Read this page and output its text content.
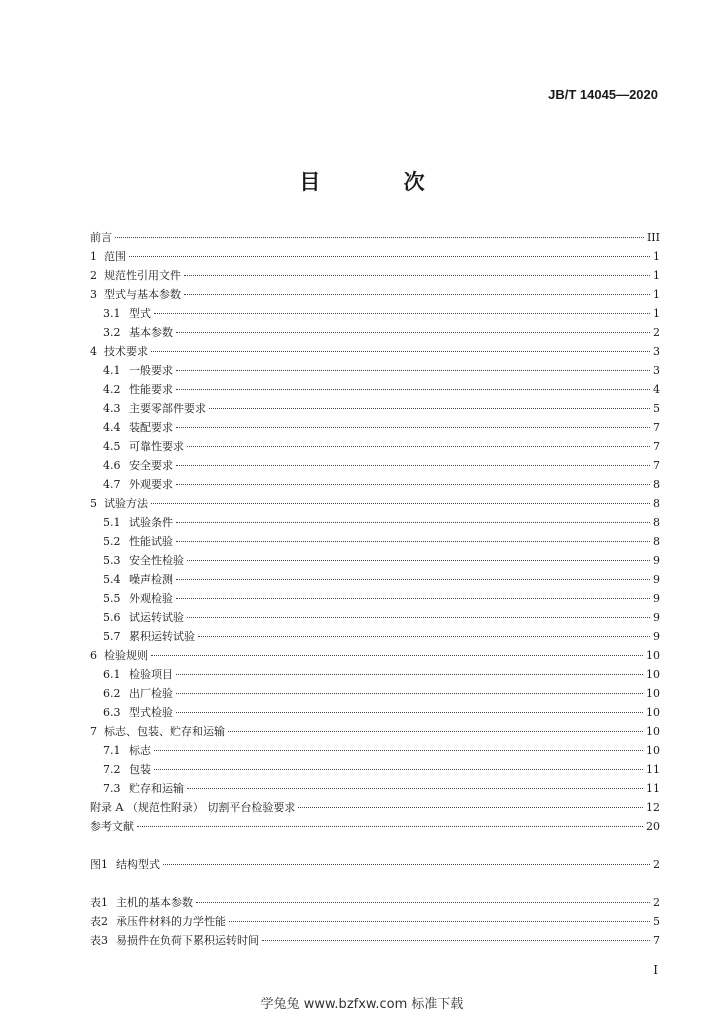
JB/T 14045—2020
目 次
前言	III
1 范围	1
2 规范性引用文件	1
3 型式与基本参数	1
3.1 型式	1
3.2 基本参数	2
4 技术要求	3
4.1 一般要求	3
4.2 性能要求	4
4.3 主要零部件要求	5
4.4 装配要求	7
4.5 可靠性要求	7
4.6 安全要求	7
4.7 外观要求	8
5 试验方法	8
5.1 试验条件	8
5.2 性能试验	8
5.3 安全性检验	9
5.4 噪声检测	9
5.5 外观检验	9
5.6 试运转试验	9
5.7 累积运转试验	9
6 检验规则	10
6.1 检验项目	10
6.2 出厂检验	10
6.3 型式检验	10
7 标志、包装、贮存和运输	10
7.1 标志	10
7.2 包装	11
7.3 贮存和运输	11
附录 A （规范性附录） 切割平台检验要求	12
参考文献	20
图1 结构型式	2
表1 主机的基本参数	2
表2 承压件材料的力学性能	5
表3 易损件在负荷下累积运转时间	7
I
学兔兔 www.bzfxw.com 标准下载
